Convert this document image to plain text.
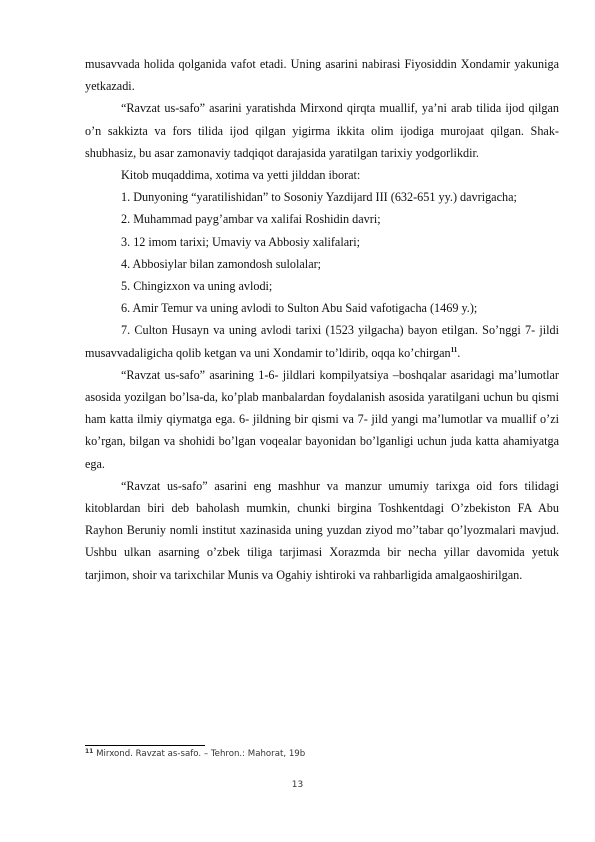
musavvada holida qolganida vafot etadi. Uning asarini nabirasi Fiyosiddin Xondamir yakuniga yetkazadi.

“Ravzat us-safo” asarini yaratishda Mirxond qirqta muallif, ya’ni arab tilida ijod qilgan o’n sakkizta va fors tilida ijod qilgan yigirma ikkita olim ijodiga murojaat qilgan. Shak-shubhasiz, bu asar zamonaviy tadqiqot darajasida yaratilgan tarixiy yodgorlikdir.

Kitob muqaddima, xotima va yetti jilddan iborat:

1. Dunyoning “yaratilishidan” to Sosoniy Yazdijard III (632-651 yy.) davrigacha;

2. Muhammad payg’ambar va xalifai Roshidin davri;

3. 12 imom tarixi; Umaviy va Abbosiy xalifalari;

4. Abbosiylar bilan zamondosh sulolalar;

5. Chingizxon va uning avlodi;

6. Amir Temur va uning avlodi to Sulton Abu Said vafotigacha (1469 y.);

7. Culton Husayn va uning avlodi tarixi (1523 yilgacha) bayon etilgan. So’nggi 7- jildi musavvadaligicha qolib ketgan va uni Xondamir to’ldirib, oqqa ko’chirgan$^{11}$.

“Ravzat us-safo” asarining 1-6- jildlari kompilyatsiya –boshqalar asaridagi ma’lumotlar asosida yozilgan bo’lsa-da, ko’plab manbalardan foydalanish asosida yaratilgani uchun bu qismi ham katta ilmiy qiymatga ega. 6- jildning bir qismi va 7- jild yangi ma’lumotlar va muallif o’zi ko’rgan, bilgan va shohidi bo’lgan voqealar bayonidan bo’lganligi uchun juda katta ahamiyatga ega.

“Ravzat us-safo” asarini eng mashhur va manzur umumiy tarixga oid fors tilidagi kitoblardan biri deb baholash mumkin, chunki birgina Toshkentdagi O’zbekiston FA Abu Rayhon Beruniy nomli institut xazinasida uning yuzdan ziyod mo’’tabar qo’lyozmalari mavjud. Ushbu ulkan asarning o’zbek tiliga tarjimasi Xorazmda bir necha yillar davomida yetuk tarjimon, shoir va tarixchilar Munis va Ogahiy ishtiroki va rahbarligida amalgaoshirilgan.

$^{11}$ Mirxond. Ravzat as-safo. – Tehron.: Mahorat, 19b
13
